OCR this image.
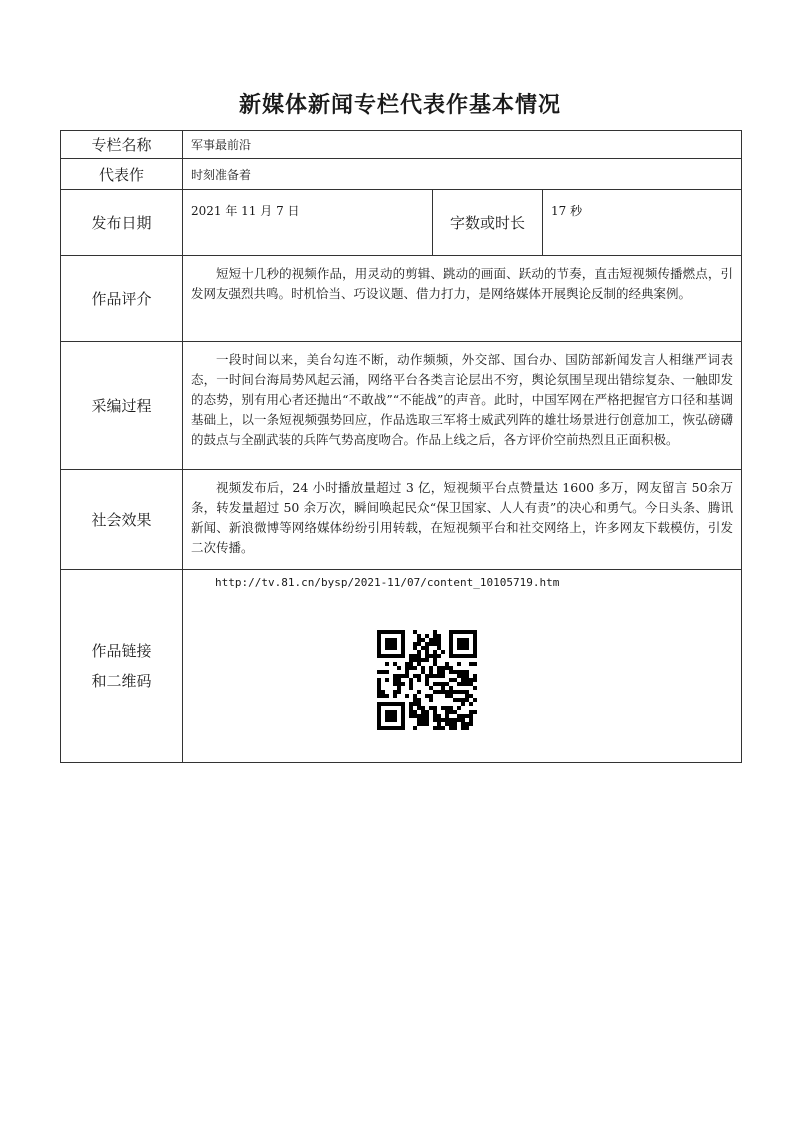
新媒体新闻专栏代表作基本情况
专栏名称	军事最前沿		
代表作	时刻准备着		
发布日期	2021 年 11 月 7 日	字数或时长	17 秒
作品评介	短短十几秒的视频作品，用灵动的剪辑、跳动的画面、跃动的节奏，直击短视频传播燃点，引发网友强烈共鸣。时机恰当、巧设议题、借力打力，是网络媒体开展舆论反制的经典案例。		

采编过程	一段时间以来，美台勾连不断，动作频频，外交部、国台办、国防部新闻发言人相继严词表态，一时间台海局势风起云涌，网络平台各类言论层出不穷，舆论氛围呈现出错综复杂、一触即发的态势，别有用心者还抛出“不敢战”“不能战”的声音。此时，中国军网在严格把握官方口径和基调基础上，以一条短视频强势回应，作品选取三军将士威武列阵的雄壮场景进行创意加工，恢弘磅礴的鼓点与全副武装的兵阵气势高度吻合。作品上线之后，各方评价空前热烈且正面积极。		

社会效果	视频发布后，24 小时播放量超过 3 亿，短视频平台点赞量达 1600 多万，网友留言 50余万条，转发量超过 50 余万次，瞬间唤起民众“保卫国家、人人有责”的决心和勇气。今日头条、腾讯新闻、新浪微博等网络媒体纷纷引用转载，在短视频平台和社交网络上，许多网友下载模仿，引发二次传播。		

作品链接
和二维码	http://tv.81.cn/bysp/2021-11/07/content_10105719.htm		
